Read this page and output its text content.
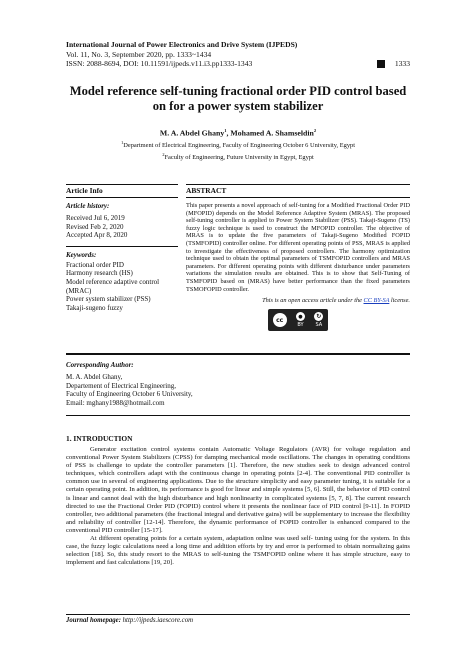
International Journal of Power Electronics and Drive System (IJPEDS)
Vol. 11, No. 3, September 2020, pp. 1333~1434
ISSN: 2088-8694, DOI: 10.11591/ijpeds.v11.i3.pp1333-1343	1333
Model reference self-tuning fractional order PID control based on for a power system stabilizer
M. A. Abdel Ghany$^1$, Mohamed A. Shamseldin$^2$
$^1$Department of Electrical Engineering, Faculty of Engineering October 6 University, Egypt
$^2$Faculty of Engineering, Future University in Egypt, Egypt
Article Info
Article history:
Received Jul 6, 2019
Revised Feb 2, 2020
Accepted Apr 8, 2020
Keywords:
Fractional order PID
Harmony research (HS)
Model reference adaptive control (MRAC)
Power system stabilizer (PSS)
Takaji-sugeno fuzzy
ABSTRACT
This paper presents a novel approach of self-tuning for a Modified Fractional Order PID (MFOPID) depends on the Model Reference Adaptive System (MRAS). The proposed self-tuning controller is applied to Power System Stabilizer (PSS). Takaji-Sugeno (TS) fuzzy logic technique is used to construct the MFOPID controller. The objective of MRAS is to update the five parameters of Takaji-Sugeno Modified FOPID (TSMFOPID) controller online. For different operating points of PSS, MRAS is applied to investigate the effectiveness of proposed controllers. The harmony optimization technique used to obtain the optimal parameters of TSMFOPID controllers and MRAS parameters. For different operating points with different disturbance under parameters variations the simulation results are obtained. This is to show that Self-Tuning of TSMFOPID based on (MRAS) have better performance than the fixed parameters TSMOFOPID controller.
This is an open access article under the CC BY-SA license.
cc	●
BY
↻
SA
Corresponding Author:
M. A. Abdel Ghany,
Departement of Electrical Engineering,
Faculty of Engineering October 6 University,
Email: mghany1988@hotmail.com
1. INTRODUCTION

Generator excitation control systems contain Automatic Voltage Regulators (AVR) for voltage regulation and conventional Power System Stabilizers (CPSS) for damping mechanical mode oscillations. The changes in operating conditions of PSS is challenge to update the controller parameters [1]. Therefore, the new studies seek to design advanced control techniques, which controllers adapt with the continuous change in operating points [2-4]. The conventional PID controller is common use in several of engineering applications. Due to the structure simplicity and easy parameter tuning, it is suitable for a certain operating point. In addition, its performance is good for linear and simple systems [5, 6]. Still, the behavior of PID control is linear and cannot deal with the high disturbance and high nonlinearity in complicated systems [5, 7, 8]. The current research directed to use the Fractional Order PID (FOPID) control where it presents the nonlinear face of PID control [9-11]. In FOPID controller, two additional parameters (the fractional integral and derivative gains) will be supplementary to increase the flexibility and reliability of controller [12-14]. Therefore, the dynamic performance of FOPID controller is enhanced compared to the conventional PID controller [15-17].

At different operating points for a certain system, adaptation online was used self- tuning using for the system. In this case, the fuzzy logic calculations need a long time and addition efforts by try and error is performed to obtain normalizing gains selection [18]. So, this study resort to the MRAS to self-tuning the TSMFOPID online where it has simple structure, easy to implement and fast calculations [19, 20].

Journal homepage: http://ijpeds.iaescore.com
